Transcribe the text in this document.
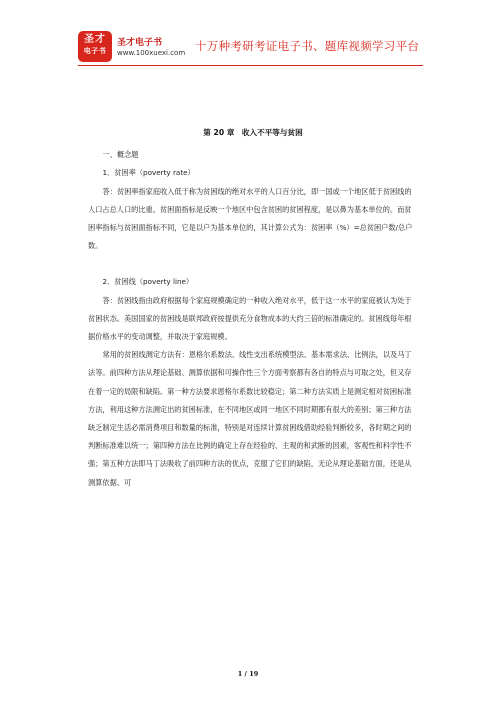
圣才
电子书
圣才电子书
www.100xuexi.com 十万种考研考证电子书、题库视频学习平台
第 20 章　收入不平等与贫困

一、概念题

1．贫困率（poverty rate）

答：贫困率指家庭收入低于称为贫困线的绝对水平的人口百分比，即一国或一个地区低于贫困线的人口占总人口的比重。贫困面指标是反映一个地区中包含贫困的贫困程度，是以鼻为基本单位的。而贫困率指标与贫困面指标不同，它是以户为基本单位的，其计算公式为：贫困率（%）=总贫困户数/总户数。

2．贫困线（poverty line）

答：贫困线指由政府根据每个家庭规模确定的一种收入绝对水平，低于这一水平的家庭被认为处于贫困状态。美国国家的贫困线是联邦政府按提供充分食物成本的大约三倍的标准确定的。贫困线每年根据价格水平的变动调整，并取决于家庭规模。

常用的贫困线测定方法有：恩格尔系数法、线性支出系统模型法、基本需求法、比例法，以及马丁法等。前四种方法从理论基础、测算依据和可操作性三个方面考察都有各自的特点与可取之处，但又存在着一定的局限和缺陷。第一种方法要求恩格尔系数比较稳定；第二种方法实质上是测定相对贫困标准方法，利用这种方法测定出的贫困标准，在不同地区或同一地区不同时期都有很大的差别；第三种方法缺乏制定生活必需消费项目和数量的标准，特别是对连续计算贫困线借助经验判断较多，各时期之间的判断标准难以统一；第四种方法在比例的确定上存在经验的、主观的和武断的因素，客观性和科学性不强；第五种方法即马丁法吸收了前四种方法的优点，克服了它们的缺陷，无论从理论基础方面，还是从测算依据、可

1 / 19
